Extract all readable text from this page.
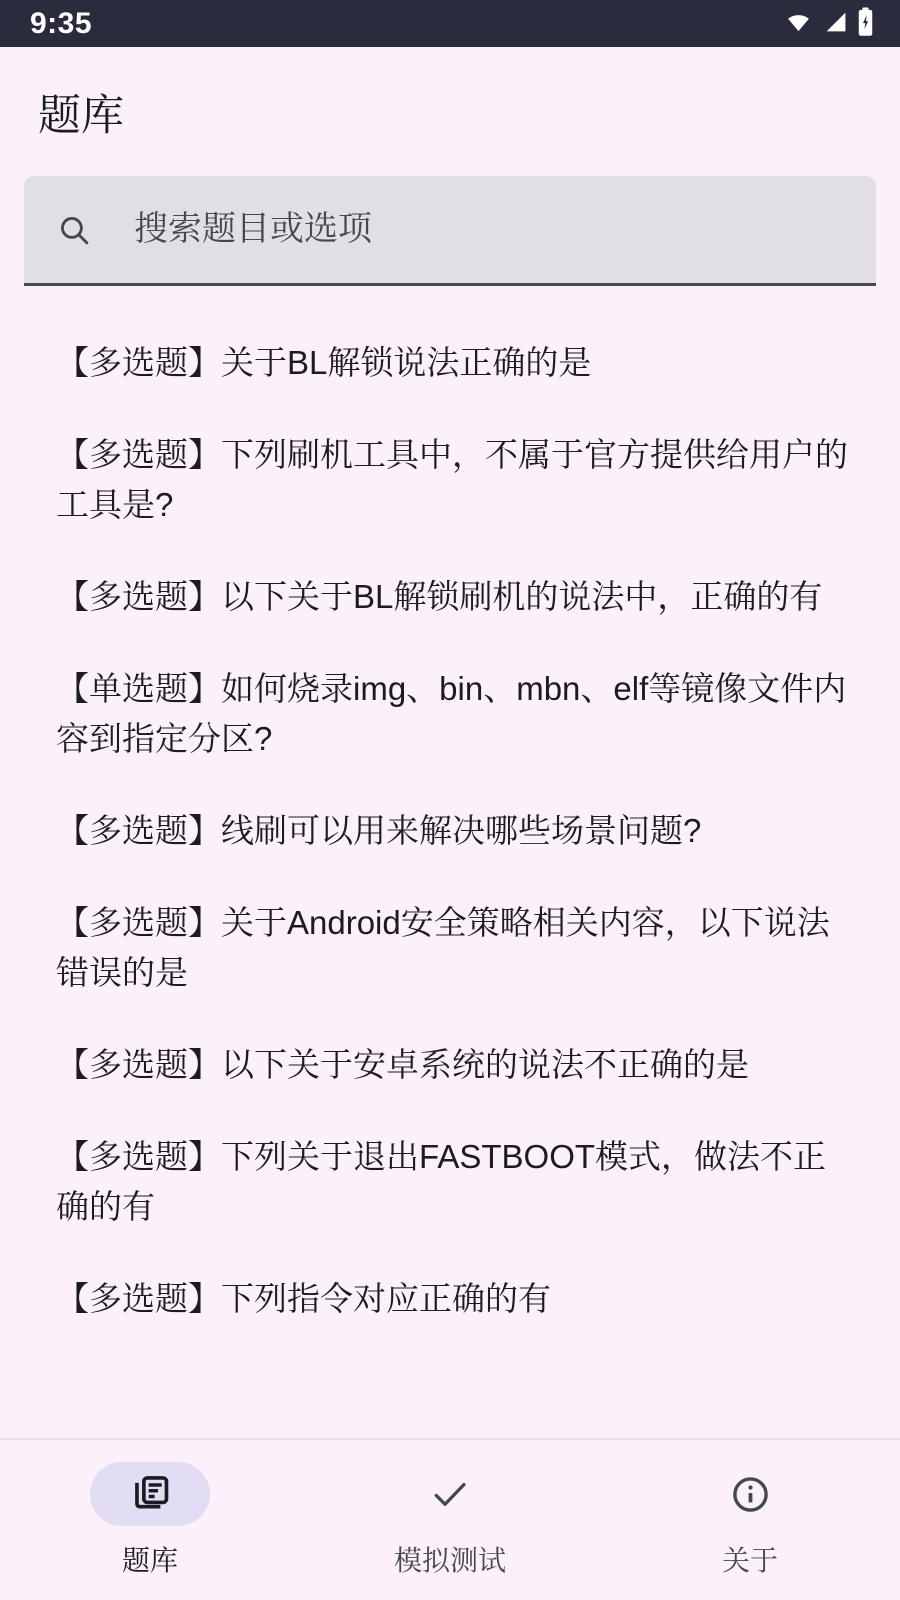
9:35
题库
搜索题目或选项
【多选题】关于BL解锁说法正确的是
【多选题】下列刷机工具中，不属于官方提供给用户的工具是?
【多选题】以下关于BL解锁刷机的说法中，正确的有
【单选题】如何烧录img、bin、mbn、elf等镜像文件内容到指定分区?
【多选题】线刷可以用来解决哪些场景问题?
【多选题】关于Android安全策略相关内容，以下说法错误的是
【多选题】以下关于安卓系统的说法不正确的是
【多选题】下列关于退出FASTBOOT模式，做法不正确的有
【多选题】下列指令对应正确的有
题库	模拟测试	关于
